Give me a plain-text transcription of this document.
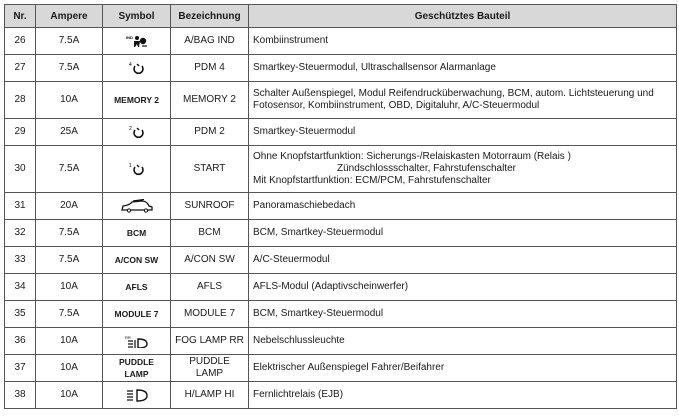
Nr.	Ampere	Symbol	Bezeichnung	Geschütztes Bauteil
26	7.5A	IND	A/BAG IND	Kombiinstrument
27	7.5A	4	PDM 4	Smartkey-Steuermodul, Ultraschallsensor Alarmanlage
28	10A	MEMORY 2	MEMORY 2	Schalter Außenspiegel, Modul Reifendrucküberwachung, BCM, autom. Lichtsteuerung und
Fotosensor, Kombiinstrument, OBD, Digitaluhr, A/C-Steuermodul

29	25A	2	PDM 2	Smartkey-Steuermodul
30	7.5A	1	START	Ohne Knopfstartfunktion: Sicherungs-/Relaiskasten Motorraum (Relais )
Zündschlossschalter, Fahrstufenschalter
Mit Knopfstartfunktion: ECM/PCM, Fahrstufenschalter

31	20A		SUNROOF	Panoramaschiebedach
32	7.5A	BCM	BCM	BCM, Smartkey-Steuermodul
33	7.5A	A/CON SW	A/CON SW	A/C-Steuermodul
34	10A	AFLS	AFLS	AFLS-Modul (Adaptivscheinwerfer)
35	7.5A	MODULE 7	MODULE 7	BCM, Smartkey-Steuermodul
36	10A	RR	FOG LAMP RR	Nebelschlussleuchte
37	10A	PUDDLE LAMP	PUDDLE LAMP	Elektrischer Außenspiegel Fahrer/Beifahrer
38	10A		H/LAMP HI	Fernlichtrelais (EJB)
